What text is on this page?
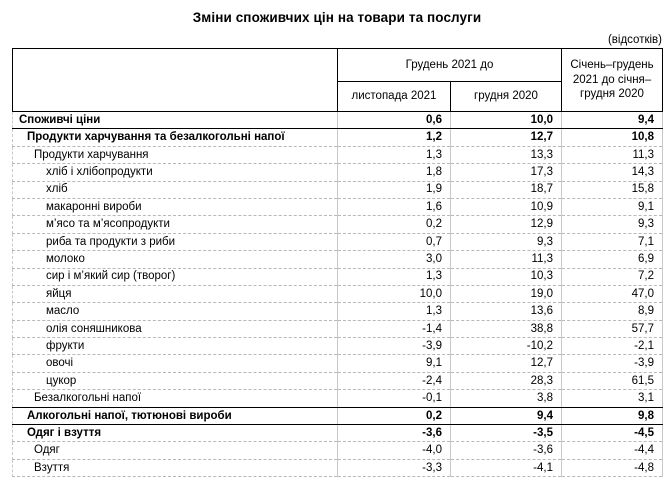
Зміни споживчих цін на товари та послуги
(відсотків)
	Грудень 2021 до		Січень–грудень 2021 до січня–грудня 2020
	листопада 2021	грудня 2020	
Споживчі ціни	0,6	10,0	9,4
Продукти харчування та безалкогольні напої	1,2	12,7	10,8
Продукти харчування	1,3	13,3	11,3
хліб і хлібопродукти	1,8	17,3	14,3
хліб	1,9	18,7	15,8
макаронні вироби	1,6	10,9	9,1
м’ясо та м’ясопродукти	0,2	12,9	9,3
риба та продукти з риби	0,7	9,3	7,1
молоко	3,0	11,3	6,9
сир і м’який сир (творог)	1,3	10,3	7,2
яйця	10,0	19,0	47,0
масло	1,3	13,6	8,9
олія соняшникова	-1,4	38,8	57,7
фрукти	-3,9	-10,2	-2,1
овочі	9,1	12,7	-3,9
цукор	-2,4	28,3	61,5
Безалкогольні напої	-0,1	3,8	3,1
Алкогольні напої, тютюнові вироби	0,2	9,4	9,8
Одяг і взуття	-3,6	-3,5	-4,5
Одяг	-4,0	-3,6	-4,4
Взуття	-3,3	-4,1	-4,8
